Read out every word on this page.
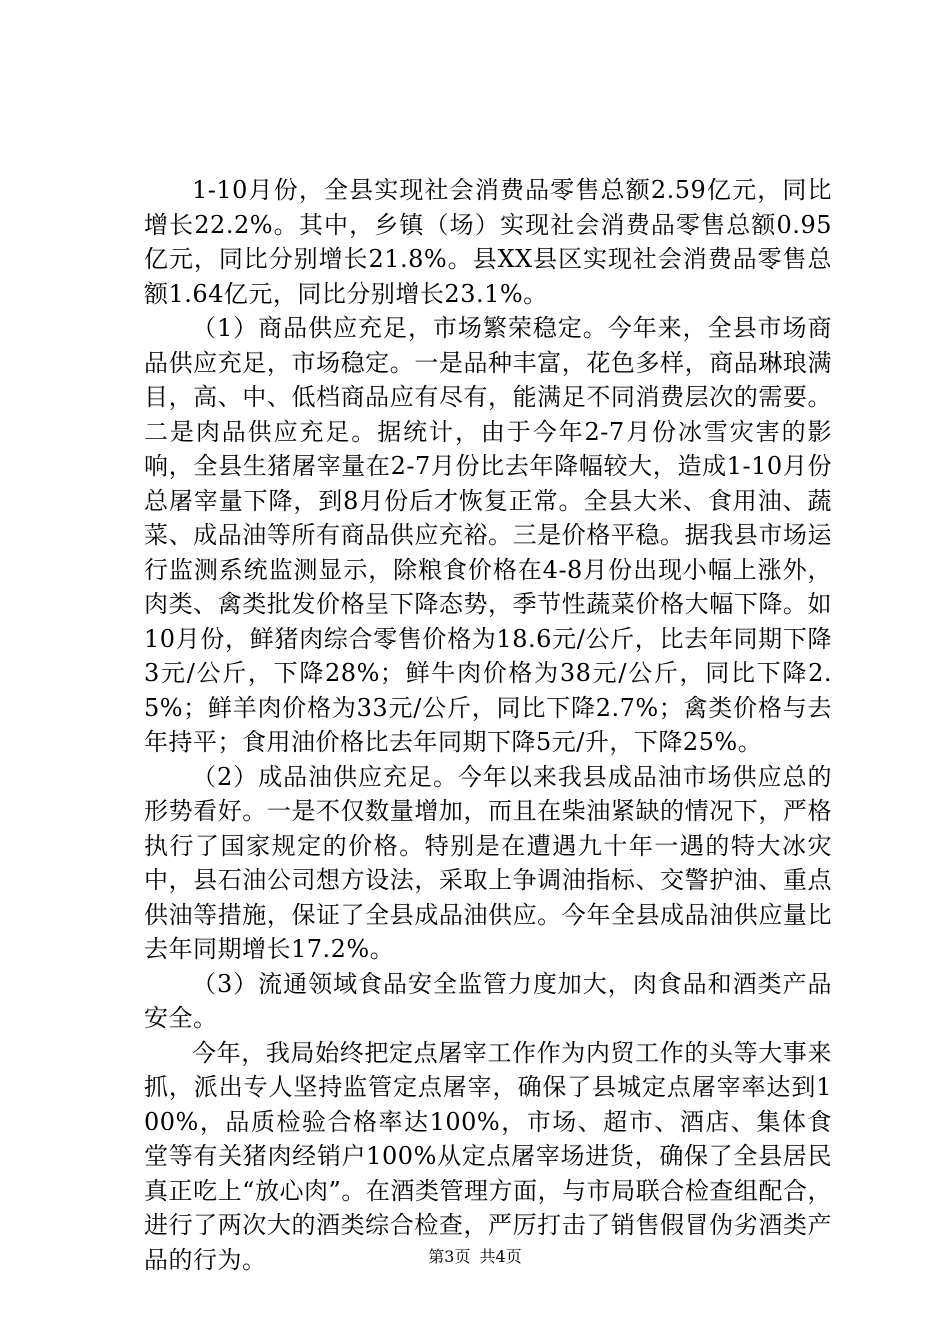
1-10月份，全县实现社会消费品零售总额2.59亿元，同比增长22.2%。其中，乡镇（场）实现社会消费品零售总额0.95亿元，同比分别增长21.8%。县XX县区实现社会消费品零售总额1.64亿元，同比分别增长23.1%。

（1）商品供应充足，市场繁荣稳定。今年来，全县市场商品供应充足，市场稳定。一是品种丰富，花色多样，商品琳琅满目，高、中、低档商品应有尽有，能满足不同消费层次的需要。二是肉品供应充足。据统计，由于今年2-7月份冰雪灾害的影响，全县生猪屠宰量在2-7月份比去年降幅较大，造成1-10月份总屠宰量下降，到8月份后才恢复正常。全县大米、食用油、蔬菜、成品油等所有商品供应充裕。三是价格平稳。据我县市场运行监测系统监测显示，除粮食价格在4-8月份出现小幅上涨外，肉类、禽类批发价格呈下降态势，季节性蔬菜价格大幅下降。如10月份，鲜猪肉综合零售价格为18.6元/公斤，比去年同期下降3元/公斤，下降28%；鲜牛肉价格为38元/公斤，同比下降2.5%；鲜羊肉价格为33元/公斤，同比下降2.7%；禽类价格与去年持平；食用油价格比去年同期下降5元/升，下降25%。

（2）成品油供应充足。今年以来我县成品油市场供应总的形势看好。一是不仅数量增加，而且在柴油紧缺的情况下，严格执行了国家规定的价格。特别是在遭遇九十年一遇的特大冰灾中，县石油公司想方设法，采取上争调油指标、交警护油、重点供油等措施，保证了全县成品油供应。今年全县成品油供应量比去年同期增长17.2%。

（3）流通领域食品安全监管力度加大，肉食品和酒类产品安全。

今年，我局始终把定点屠宰工作作为内贸工作的头等大事来抓，派出专人坚持监管定点屠宰，确保了县城定点屠宰率达到100%，品质检验合格率达100%，市场、超市、酒店、集体食堂等有关猪肉经销户100%从定点屠宰场进货，确保了全县居民真正吃上“放心肉”。在酒类管理方面，与市局联合检查组配合，进行了两次大的酒类综合检查，严厉打击了销售假冒伪劣酒类产品的行为。	第3页 共4页
